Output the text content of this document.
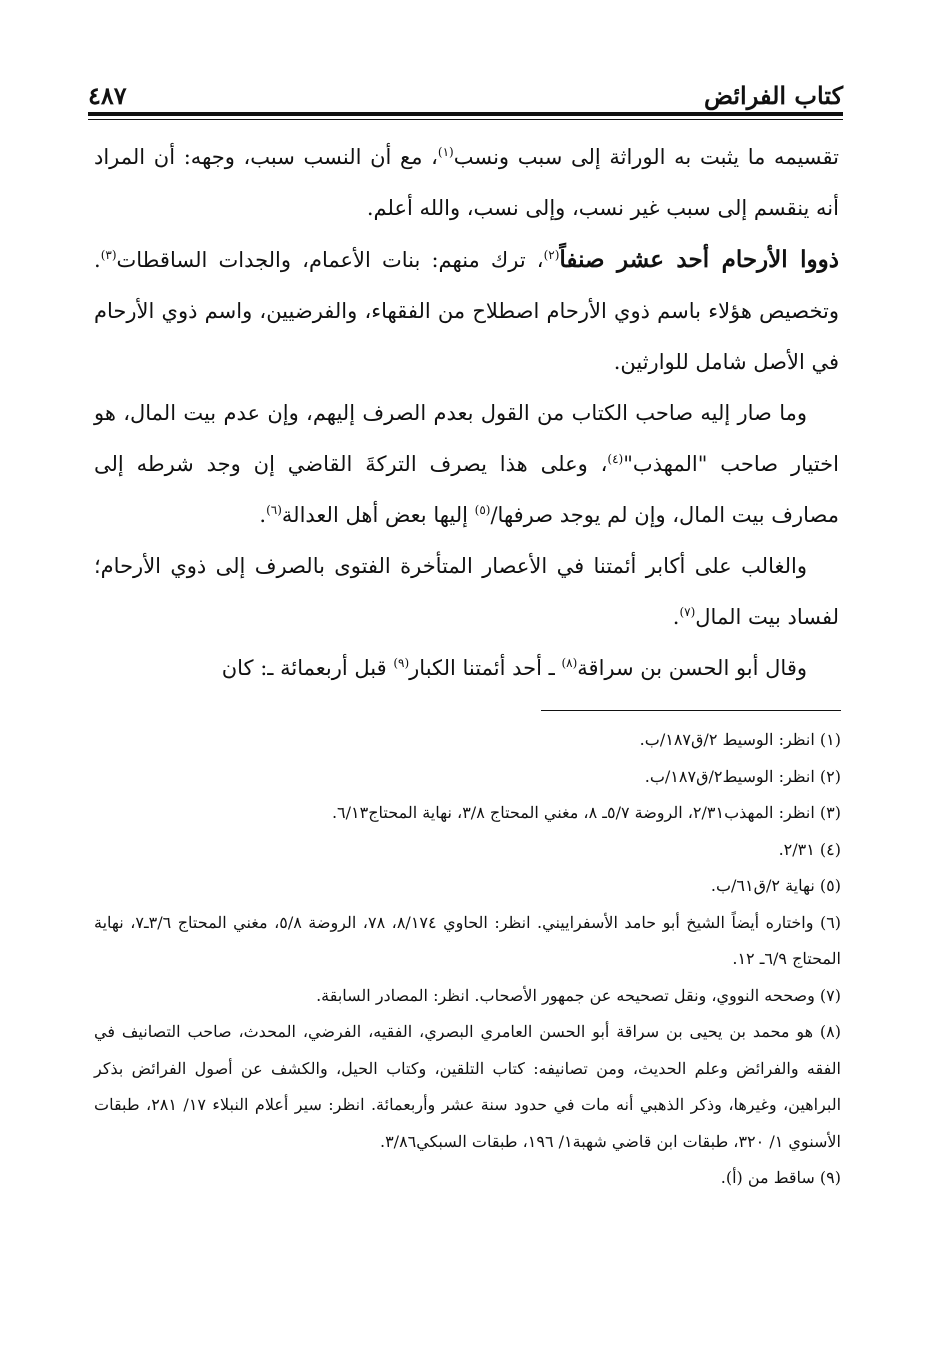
كتاب الفرائض
٤٨٧

تقسيمه ما يثبت به الوراثة إلى سبب ونسب$^{(١)}$، مع أن النسب سبب، وجهه: أن المراد أنه ينقسم إلى سبب غير نسب، وإلى نسب، والله أعلم.

ذووا الأرحام أحد عشر صنفاً$^{(٢)}$، ترك منهم: بنات الأعمام، والجدات الساقطات$^{(٣)}$. وتخصيص هؤلاء باسم ذوي الأرحام اصطلاح من الفقهاء، والفرضيين، واسم ذوي الأرحام في الأصل شامل للوارثين.

وما صار إليه صاحب الكتاب من القول بعدم الصرف إليهم، وإن عدم بيت المال، هو اختيار صاحب "المهذب"$^{(٤)}$، وعلى هذا يصرف التركةَ القاضي إن وجد شرطه إلى مصارف بيت المال، وإن لم يوجد صرفها/$^{(٥)}$ إليها بعض أهل العدالة$^{(٦)}$.

والغالب على أكابر أئمتنا في الأعصار المتأخرة الفتوى بالصرف إلى ذوي الأرحام؛ لفساد بيت المال$^{(٧)}$.

وقال أبو الحسن بن سراقة$^{(٨)}$ ـ أحد أئمتنا الكبار$^{(٩)}$ قبل أربعمائة ـ: كان

(١) انظر: الوسيط ٢/ق١٨٧/ب.

(٢) انظر: الوسيط٢/ق١٨٧/ب.

(٣) انظر: المهذب٢/٣١، الروضة ٥/٧ـ ٨، مغني المحتاج ٣/٨، نهاية المحتاج٦/١٣.

(٤) ٢/٣١.

(٥) نهاية ٢/ق٦١/ب.

(٦) واختاره أيضاً الشيخ أبو حامد الأسفراييني. انظر: الحاوي ٨/١٧٤، ٧٨، الروضة ٥/٨، مغني المحتاج ٣/٦ـ٧، نهاية المحتاج ٦/٩ـ ١٢.

(٧) وصححه النووي، ونقل تصحيحه عن جمهور الأصحاب. انظر: المصادر السابقة.

(٨) هو محمد بن يحيى بن سراقة أبو الحسن العامري البصري، الفقيه، الفرضي، المحدث، صاحب التصانيف في الفقه والفرائض وعلم الحديث، ومن تصانيفه: كتاب التلقين، وكتاب الحيل، والكشف عن أصول الفرائض بذكر البراهين، وغيرها، وذكر الذهبي أنه مات في حدود سنة عشر وأربعمائة. انظر: سير أعلام النبلاء ١٧/ ٢٨١، طبقات الأسنوي ١/ ٣٢٠، طبقات ابن قاضي شهبة١/ ١٩٦، طبقات السبكي٣/٨٦.

(٩) ساقط من (أ).
